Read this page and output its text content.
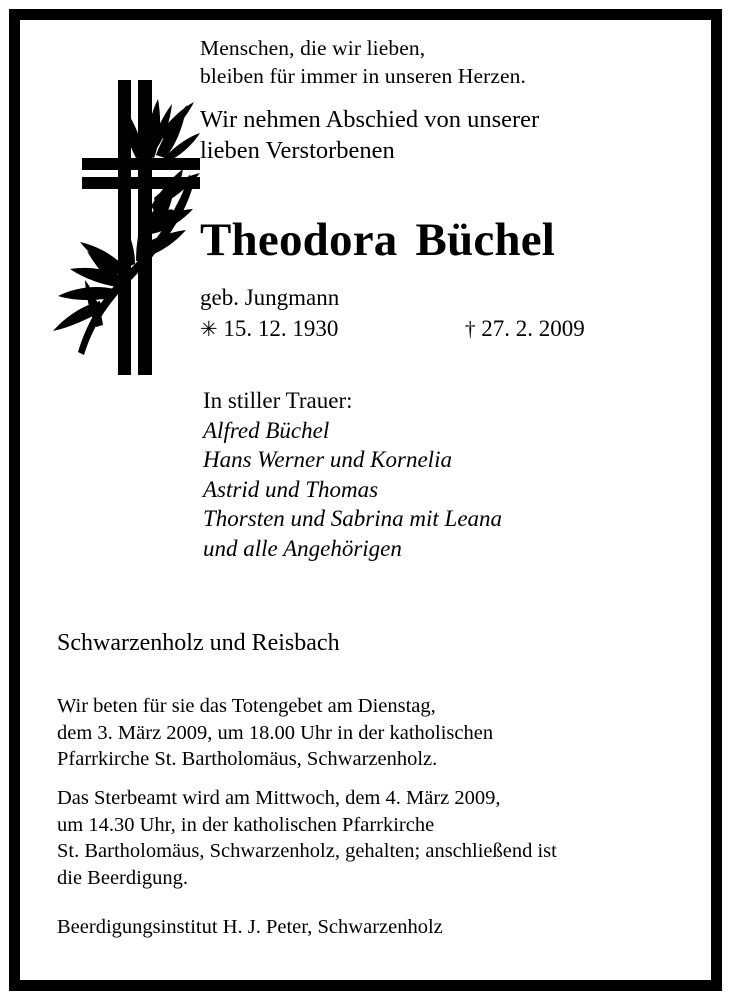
Menschen, die wir lieben,
bleiben für immer in unseren Herzen.
Wir nehmen Abschied von unserer
lieben Verstorbenen
Theodora Büchel
geb. Jungmann
✳ 15. 12. 1930	† 27. 2. 2009
In stiller Trauer:
Alfred Büchel
Hans Werner und Kornelia
Astrid und Thomas
Thorsten und Sabrina mit Leana
und alle Angehörigen
Schwarzenholz und Reisbach
Wir beten für sie das Totengebet am Dienstag,
dem 3. März 2009, um 18.00 Uhr in der katholischen
Pfarrkirche St. Bartholomäus, Schwarzenholz.
Das Sterbeamt wird am Mittwoch, dem 4. März 2009,
um 14.30 Uhr, in der katholischen Pfarrkirche
St. Bartholomäus, Schwarzenholz, gehalten; anschließend ist
die Beerdigung.
Beerdigungsinstitut H. J. Peter, Schwarzenholz
